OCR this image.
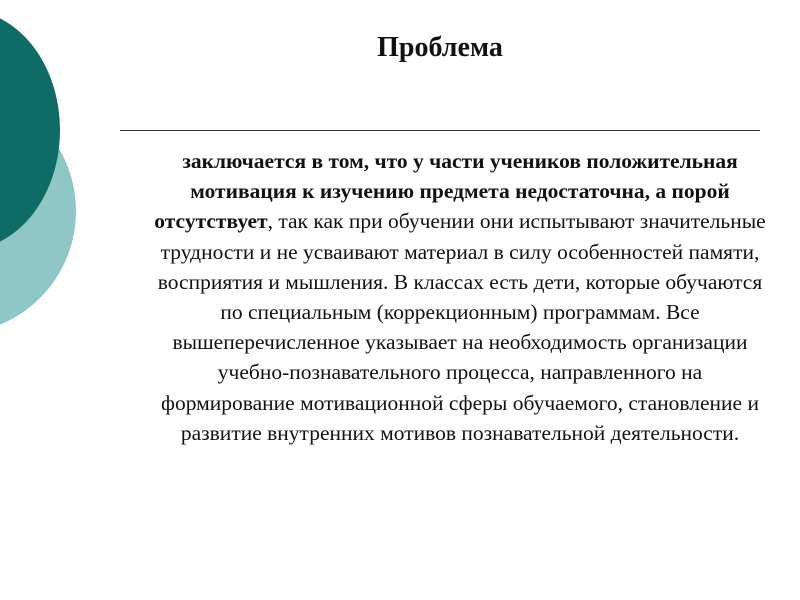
Проблема

заключается в том, что у части учеников положительная мотивация к изучению предмета недостаточна, а порой отсутствует, так как при обучении они испытывают значительные трудности и не усваивают материал в силу особенностей памяти, восприятия и мышления. В классах есть дети, которые обучаются по специальным (коррекционным) программам. Все вышеперечисленное указывает на необходимость организации учебно-познавательного процесса, направленного на формирование мотивационной сферы обучаемого, становление и развитие внутренних мотивов познавательной деятельности.
